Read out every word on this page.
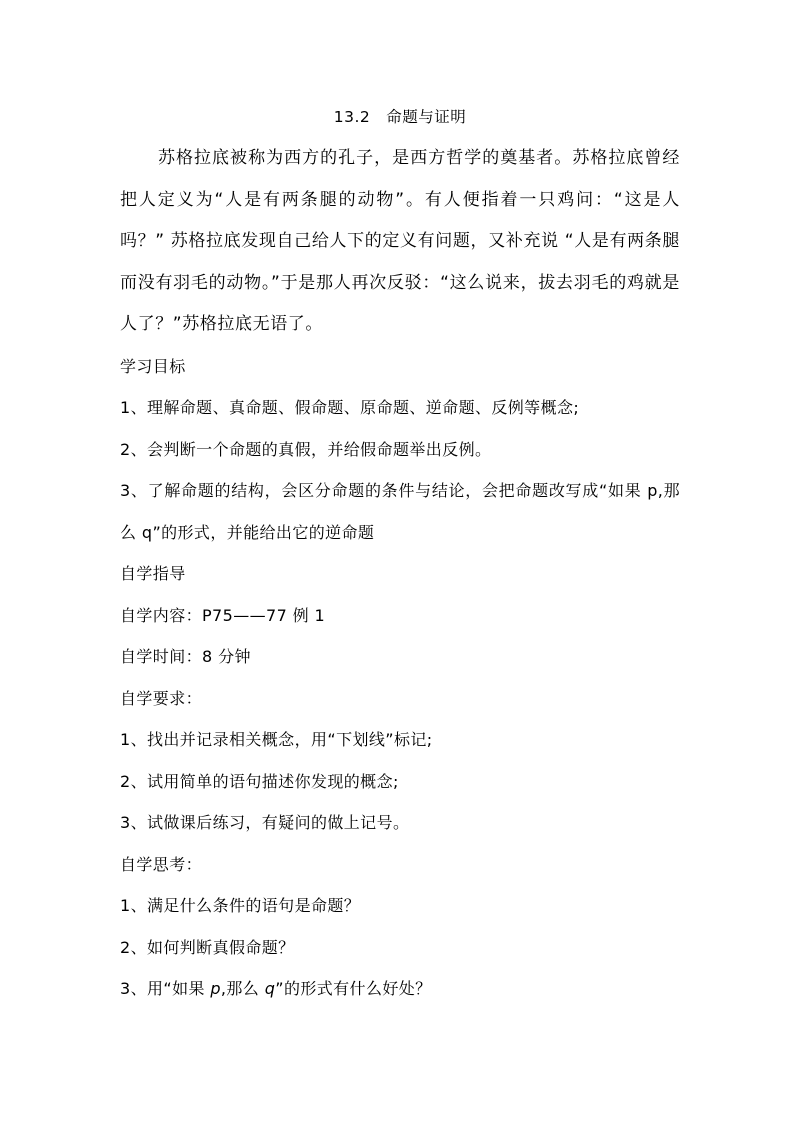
13.2　命题与证明

苏格拉底被称为西方的孔子，是西方哲学的奠基者。苏格拉底曾经把人定义为“人是有两条腿的动物”。有人便指着一只鸡问：“这是人吗？” 苏格拉底发现自己给人下的定义有问题，又补充说 “人是有两条腿而没有羽毛的动物。”于是那人再次反驳：“这么说来，拔去羽毛的鸡就是人了？”苏格拉底无语了。

学习目标

1、理解命题、真命题、假命题、原命题、逆命题、反例等概念;

2、会判断一个命题的真假，并给假命题举出反例。

3、了解命题的结构，会区分命题的条件与结论，会把命题改写成“如果 p,那么 q”的形式，并能给出它的逆命题

自学指导

自学内容：P75——77 例 1

自学时间：8 分钟

自学要求：

1、找出并记录相关概念，用“下划线”标记;

2、试用简单的语句描述你发现的概念;

3、试做课后练习，有疑问的做上记号。

自学思考：

1、满足什么条件的语句是命题？

2、如何判断真假命题？

3、用“如果 p,那么 q”的形式有什么好处？
